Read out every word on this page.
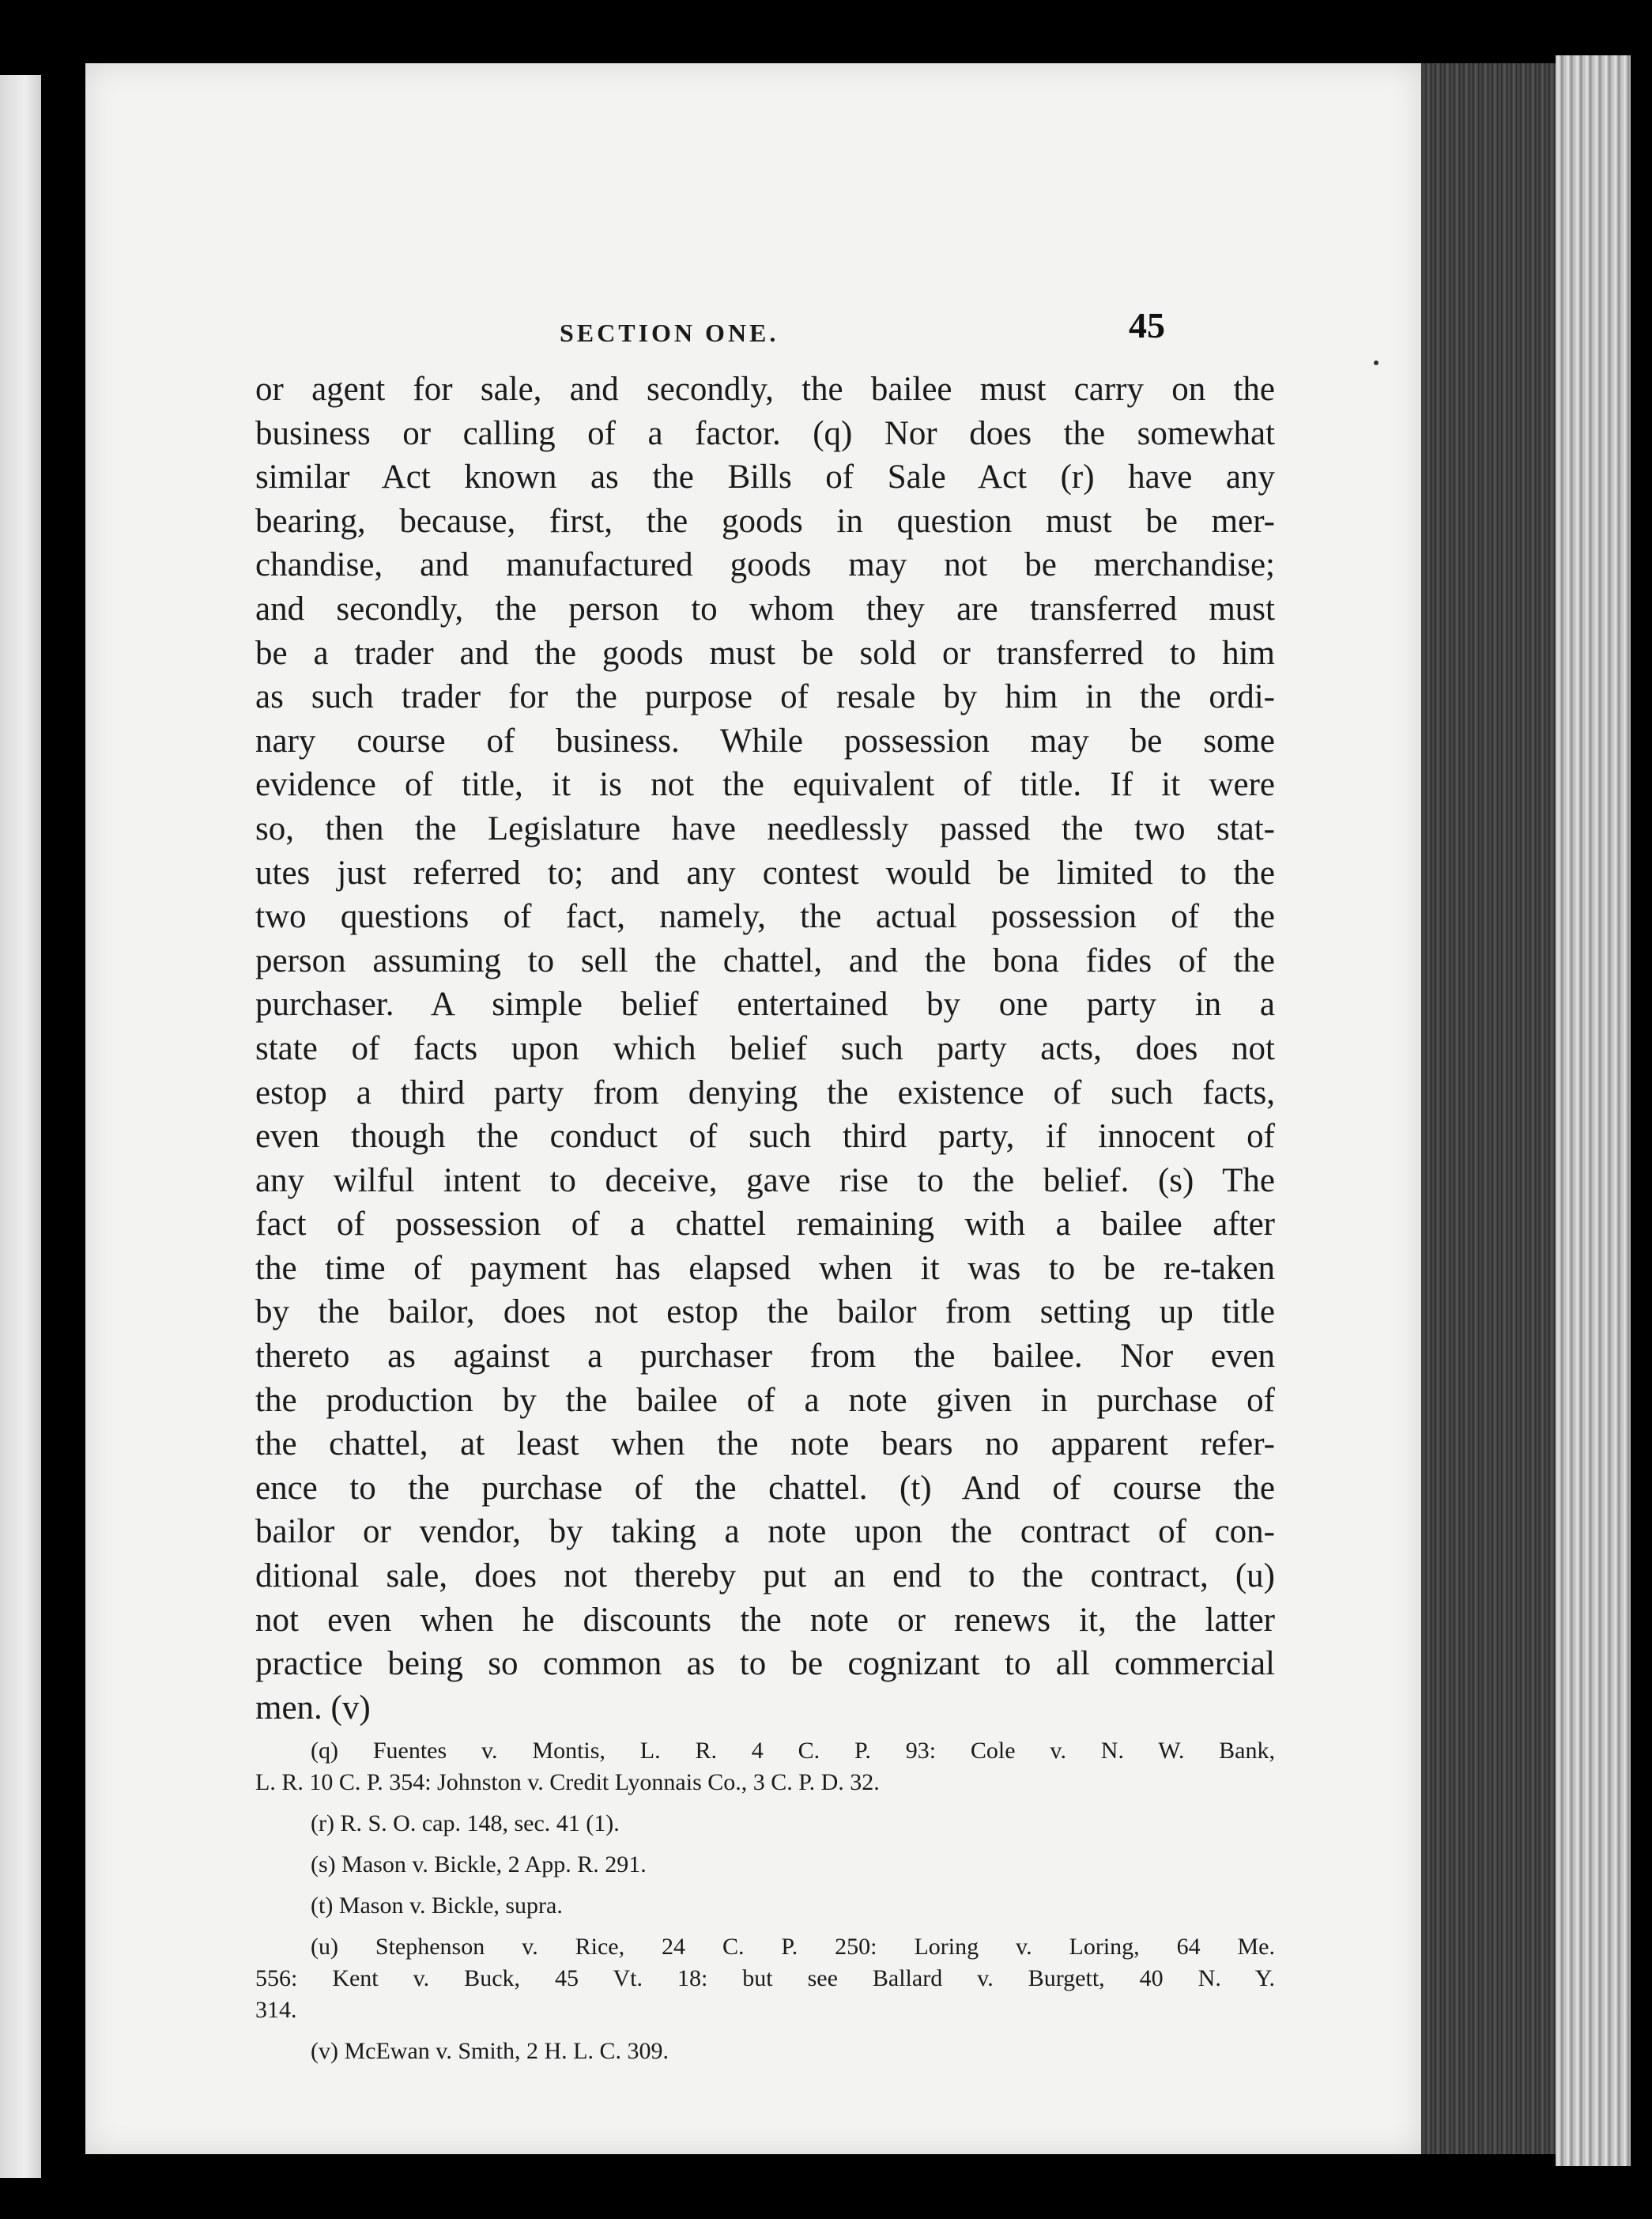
SECTION ONE.	45
or agent for sale, and secondly, the bailee must carry on the
business or calling of a factor. (q) Nor does the somewhat
similar Act known as the Bills of Sale Act (r) have any
bearing, because, first, the goods in question must be mer-
chandise, and manufactured goods may not be merchandise;
and secondly, the person to whom they are transferred must
be a trader and the goods must be sold or transferred to him
as such trader for the purpose of resale by him in the ordi-
nary course of business. While possession may be some
evidence of title, it is not the equivalent of title. If it were
so, then the Legislature have needlessly passed the two stat-
utes just referred to; and any contest would be limited to the
two questions of fact, namely, the actual possession of the
person assuming to sell the chattel, and the bona fides of the
purchaser. A simple belief entertained by one party in a
state of facts upon which belief such party acts, does not
estop a third party from denying the existence of such facts,
even though the conduct of such third party, if innocent of
any wilful intent to deceive, gave rise to the belief. (s) The
fact of possession of a chattel remaining with a bailee after
the time of payment has elapsed when it was to be re-taken
by the bailor, does not estop the bailor from setting up title
thereto as against a purchaser from the bailee. Nor even
the production by the bailee of a note given in purchase of
the chattel, at least when the note bears no apparent refer-
ence to the purchase of the chattel. (t) And of course the
bailor or vendor, by taking a note upon the contract of con-
ditional sale, does not thereby put an end to the contract, (u)
not even when he discounts the note or renews it, the latter
practice being so common as to be cognizant to all commercial
men. (v)
(q) Fuentes v. Montis, L. R. 4 C. P. 93: Cole v. N. W. Bank,
L. R. 10 C. P. 354: Johnston v. Credit Lyonnais Co., 3 C. P. D. 32.
(r) R. S. O. cap. 148, sec. 41 (1).
(s) Mason v. Bickle, 2 App. R. 291.
(t) Mason v. Bickle, supra.
(u) Stephenson v. Rice, 24 C. P. 250: Loring v. Loring, 64 Me.
556: Kent v. Buck, 45 Vt. 18: but see Ballard v. Burgett, 40 N. Y.
314.
(v) McEwan v. Smith, 2 H. L. C. 309.
